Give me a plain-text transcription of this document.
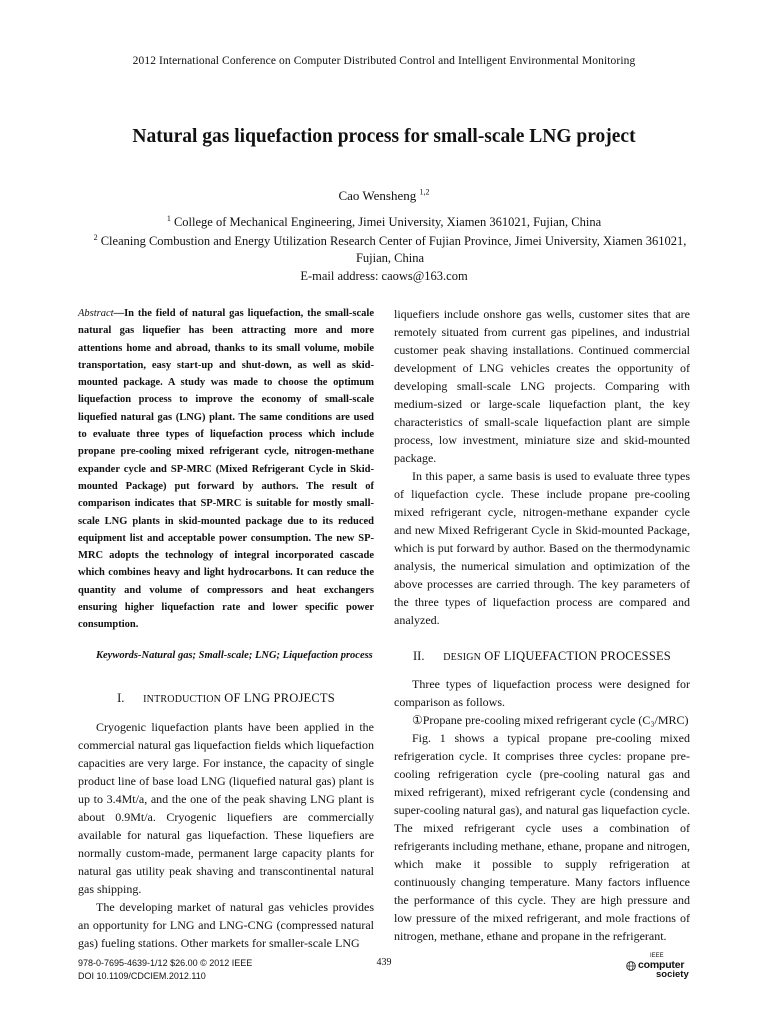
2012 International Conference on Computer Distributed Control and Intelligent Environmental Monitoring
Natural gas liquefaction process for small-scale LNG project
Cao Wensheng $^{1,2}$
$^1$ College of Mechanical Engineering, Jimei University, Xiamen 361021, Fujian, China
$^2$ Cleaning Combustion and Energy Utilization Research Center of Fujian Province, Jimei University, Xiamen 361021, Fujian, China
E-mail address: caows@163.com

Abstract—In the field of natural gas liquefaction, the small-scale natural gas liquefier has been attracting more and more attentions home and abroad, thanks to its small volume, mobile transportation, easy start-up and shut-down, as well as skid-mounted package. A study was made to choose the optimum liquefaction process to improve the economy of small-scale liquefied natural gas (LNG) plant. The same conditions are used to evaluate three types of liquefaction process which include propane pre-cooling mixed refrigerant cycle, nitrogen-methane expander cycle and SP-MRC (Mixed Refrigerant Cycle in Skid-mounted Package) put forward by authors. The result of comparison indicates that SP-MRC is suitable for mostly small-scale LNG plants in skid-mounted package due to its reduced equipment list and acceptable power consumption. The new SP-MRC adopts the technology of integral incorporated cascade which combines heavy and light hydrocarbons. It can reduce the quantity and volume of compressors and heat exchangers ensuring higher liquefaction rate and lower specific power consumption.

Keywords-Natural gas; Small-scale; LNG; Liquefaction process

I. INTRODUCTION OF LNG PROJECTS

Cryogenic liquefaction plants have been applied in the commercial natural gas liquefaction fields which liquefaction capacities are very large. For instance, the capacity of single product line of base load LNG (liquefied natural gas) plant is up to 3.4Mt/a, and the one of the peak shaving LNG plant is about 0.9Mt/a. Cryogenic liquefiers are commercially available for natural gas liquefaction. These liquefiers are normally custom-made, permanent large capacity plants for natural gas utility peak shaving and transcontinental natural gas shipping.

The developing market of natural gas vehicles provides an opportunity for LNG and LNG-CNG (compressed natural gas) fueling stations. Other markets for smaller-scale LNG

liquefiers include onshore gas wells, customer sites that are remotely situated from current gas pipelines, and industrial customer peak shaving installations. Continued commercial development of LNG vehicles creates the opportunity of developing small-scale LNG projects. Comparing with medium-sized or large-scale liquefaction plant, the key characteristics of small-scale liquefaction plant are simple process, low investment, miniature size and skid-mounted package.

In this paper, a same basis is used to evaluate three types of liquefaction cycle. These include propane pre-cooling mixed refrigerant cycle, nitrogen-methane expander cycle and new Mixed Refrigerant Cycle in Skid-mounted Package, which is put forward by author. Based on the thermodynamic analysis, the numerical simulation and optimization of the above processes are carried through. The key parameters of the three types of liquefaction process are compared and analyzed.

II. DESIGN OF LIQUEFACTION PROCESSES

Three types of liquefaction process were designed for comparison as follows.

①Propane pre-cooling mixed refrigerant cycle (C₃/MRC)

Fig. 1 shows a typical propane pre-cooling mixed refrigeration cycle. It comprises three cycles: propane pre-cooling refrigeration cycle (pre-cooling natural gas and mixed refrigerant), mixed refrigerant cycle (condensing and super-cooling natural gas), and natural gas liquefaction cycle. The mixed refrigerant cycle uses a combination of refrigerants including methane, ethane, propane and nitrogen, which make it possible to supply refrigeration at continuously changing temperature. Many factors influence the performance of this cycle. They are high pressure and low pressure of the mixed refrigerant, and mole fractions of nitrogen, methane, ethane and propane in the refrigerant.

978-0-7695-4639-1/12 $26.00 © 2012 IEEE
DOI 10.1109/CDCIEM.2012.110
439
IEEE
computer
society
